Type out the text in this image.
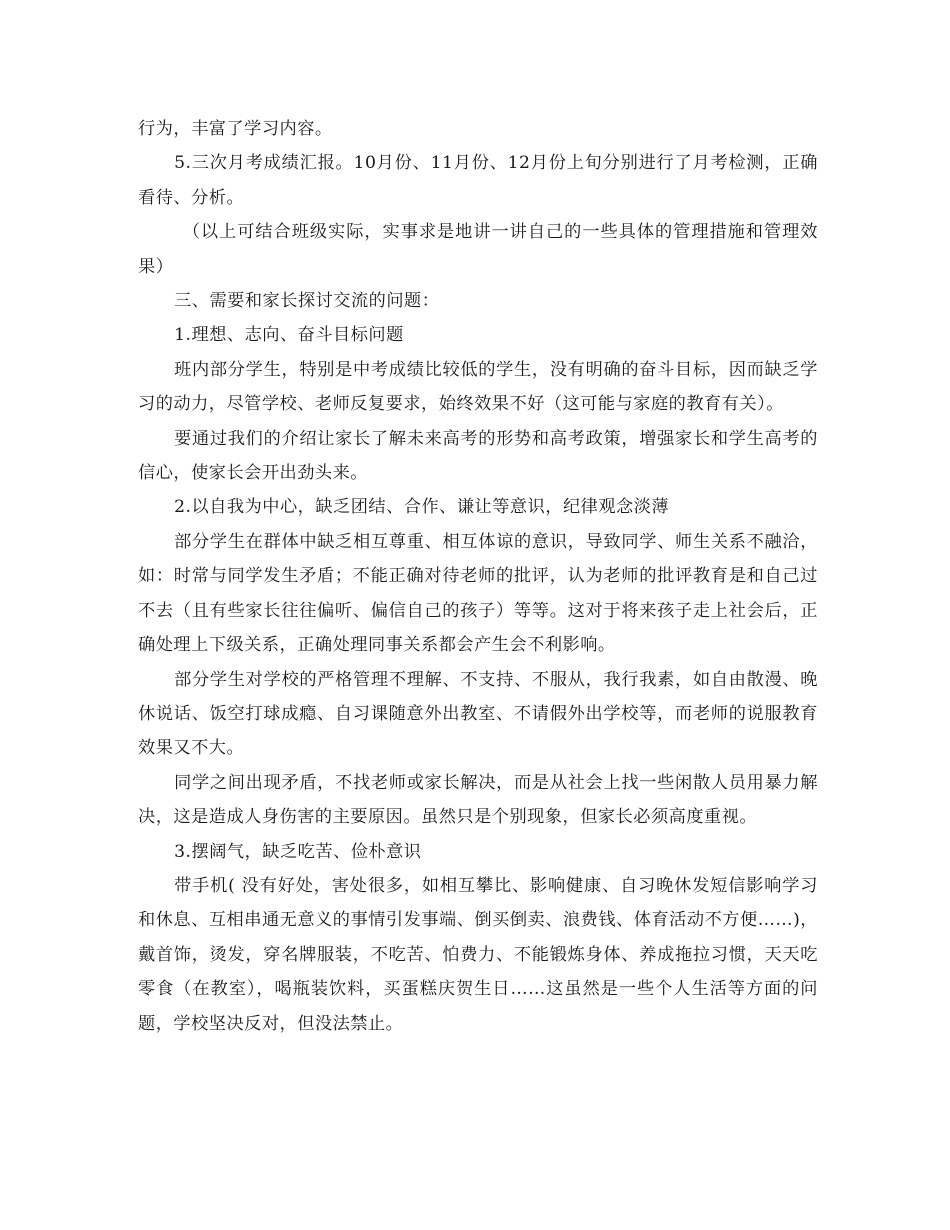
行为，丰富了学习内容。

5.三次月考成绩汇报。10月份、11月份、12月份上旬分别进行了月考检测，正确看待、分析。

（以上可结合班级实际，实事求是地讲一讲自己的一些具体的管理措施和管理效果）

三、需要和家长探讨交流的问题：

1.理想、志向、奋斗目标问题

班内部分学生，特别是中考成绩比较低的学生，没有明确的奋斗目标，因而缺乏学习的动力，尽管学校、老师反复要求，始终效果不好（这可能与家庭的教育有关）。

要通过我们的介绍让家长了解未来高考的形势和高考政策，增强家长和学生高考的信心，使家长会开出劲头来。

2.以自我为中心，缺乏团结、合作、谦让等意识，纪律观念淡薄

部分学生在群体中缺乏相互尊重、相互体谅的意识，导致同学、师生关系不融洽，如：时常与同学发生矛盾；不能正确对待老师的批评，认为老师的批评教育是和自己过不去（且有些家长往往偏听、偏信自己的孩子）等等。这对于将来孩子走上社会后，正确处理上下级关系，正确处理同事关系都会产生会不利影响。

部分学生对学校的严格管理不理解、不支持、不服从，我行我素，如自由散漫、晚休说话、饭空打球成瘾、自习课随意外出教室、不请假外出学校等，而老师的说服教育效果又不大。

同学之间出现矛盾，不找老师或家长解决，而是从社会上找一些闲散人员用暴力解决，这是造成人身伤害的主要原因。虽然只是个别现象，但家长必须高度重视。

3.摆阔气，缺乏吃苦、俭朴意识

带手机( 没有好处，害处很多，如相互攀比、影响健康、自习晚休发短信影响学习和休息、互相串通无意义的事情引发事端、倒买倒卖、浪费钱、体育活动不方便……)，戴首饰，烫发，穿名牌服装，不吃苦、怕费力、不能锻炼身体、养成拖拉习惯，天天吃零食（在教室），喝瓶装饮料，买蛋糕庆贺生日……这虽然是一些个人生活等方面的问题，学校坚决反对，但没法禁止。
